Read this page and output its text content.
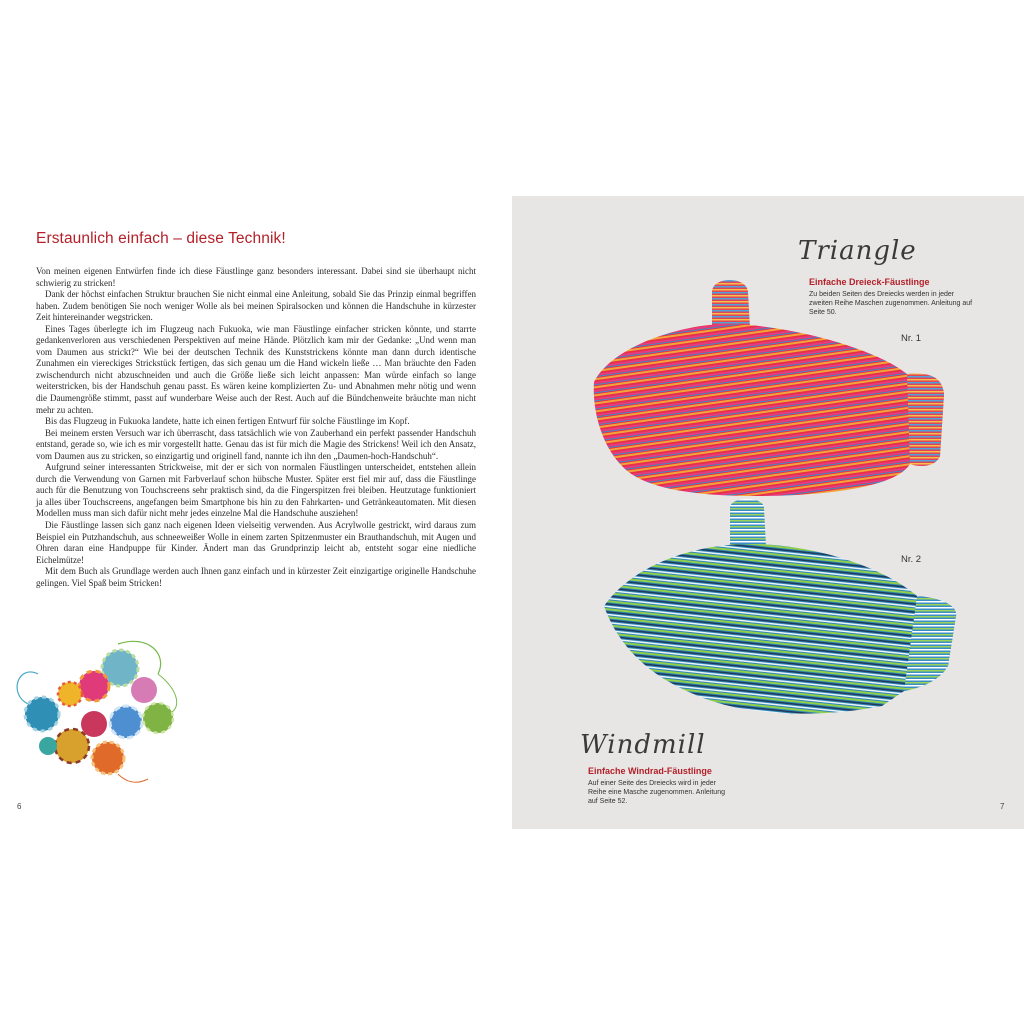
Erstaunlich einfach – diese Technik!

Von meinen eigenen Entwürfen finde ich diese Fäustlinge ganz besonders interessant. Dabei sind sie überhaupt nicht schwierig zu stricken!

Dank der höchst einfachen Struktur brauchen Sie nicht einmal eine Anleitung, sobald Sie das Prinzip einmal begriffen haben. Zudem benötigen Sie noch weniger Wolle als bei meinen Spiralsocken und können die Handschuhe in kürzester Zeit hintereinander wegstricken.

Eines Tages überlegte ich im Flugzeug nach Fukuoka, wie man Fäustlinge einfacher stricken könnte, und starrte gedankenverloren aus verschiedenen Perspektiven auf meine Hände. Plötzlich kam mir der Gedanke: „Und wenn man vom Daumen aus strickt?“ Wie bei der deutschen Technik des Kunststrickens könnte man dann durch identische Zunahmen ein viereckiges Strickstück fertigen, das sich genau um die Hand wickeln ließe … Man bräuchte den Faden zwischendurch nicht abzuschneiden und auch die Größe ließe sich leicht anpassen: Man würde einfach so lange weiterstricken, bis der Handschuh genau passt. Es wären keine komplizierten Zu- und Abnahmen mehr nötig und wenn die Daumengröße stimmt, passt auf wunderbare Weise auch der Rest. Auch auf die Bündchenweite bräuchte man nicht mehr zu achten.

Bis das Flugzeug in Fukuoka landete, hatte ich einen fertigen Entwurf für solche Fäustlinge im Kopf.

Bei meinem ersten Versuch war ich überrascht, dass tatsächlich wie von Zauberhand ein perfekt passender Handschuh entstand, gerade so, wie ich es mir vorgestellt hatte. Genau das ist für mich die Magie des Strickens! Weil ich den Ansatz, vom Daumen aus zu stricken, so einzigartig und originell fand, nannte ich ihn den „Daumen-hoch-Handschuh“.

Aufgrund seiner interessanten Strickweise, mit der er sich von normalen Fäustlingen unterscheidet, entstehen allein durch die Verwendung von Garnen mit Farbverlauf schon hübsche Muster. Später erst fiel mir auf, dass die Fäustlinge auch für die Benutzung von Touchscreens sehr praktisch sind, da die Fingerspitzen frei bleiben. Heutzutage funktioniert ja alles über Touchscreens, angefangen beim Smartphone bis hin zu den Fahrkarten- und Getränkeautomaten. Mit diesen Modellen muss man sich dafür nicht mehr jedes einzelne Mal die Handschuhe ausziehen!

Die Fäustlinge lassen sich ganz nach eigenen Ideen vielseitig verwenden. Aus Acrylwolle gestrickt, wird daraus zum Beispiel ein Putzhandschuh, aus schneeweißer Wolle in einem zarten Spitzenmuster ein Brauthandschuh, mit Augen und Ohren daran eine Handpuppe für Kinder. Ändert man das Grundprinzip leicht ab, entsteht sogar eine niedliche Eichelmütze!

Mit dem Buch als Grundlage werden auch Ihnen ganz einfach und in kürzester Zeit einzigartige originelle Handschuhe gelingen. Viel Spaß beim Stricken!

6
Triangle
Einfache Dreieck-Fäustlinge
Zu beiden Seiten des Dreiecks werden in jeder zweiten Reihe Maschen zugenommen. Anleitung auf Seite 50.
Nr. 1
Nr. 2
Windmill
Einfache Windrad-Fäustlinge
Auf einer Seite des Dreiecks wird in jeder Reihe eine Masche zugenommen. Anleitung auf Seite 52.
7
